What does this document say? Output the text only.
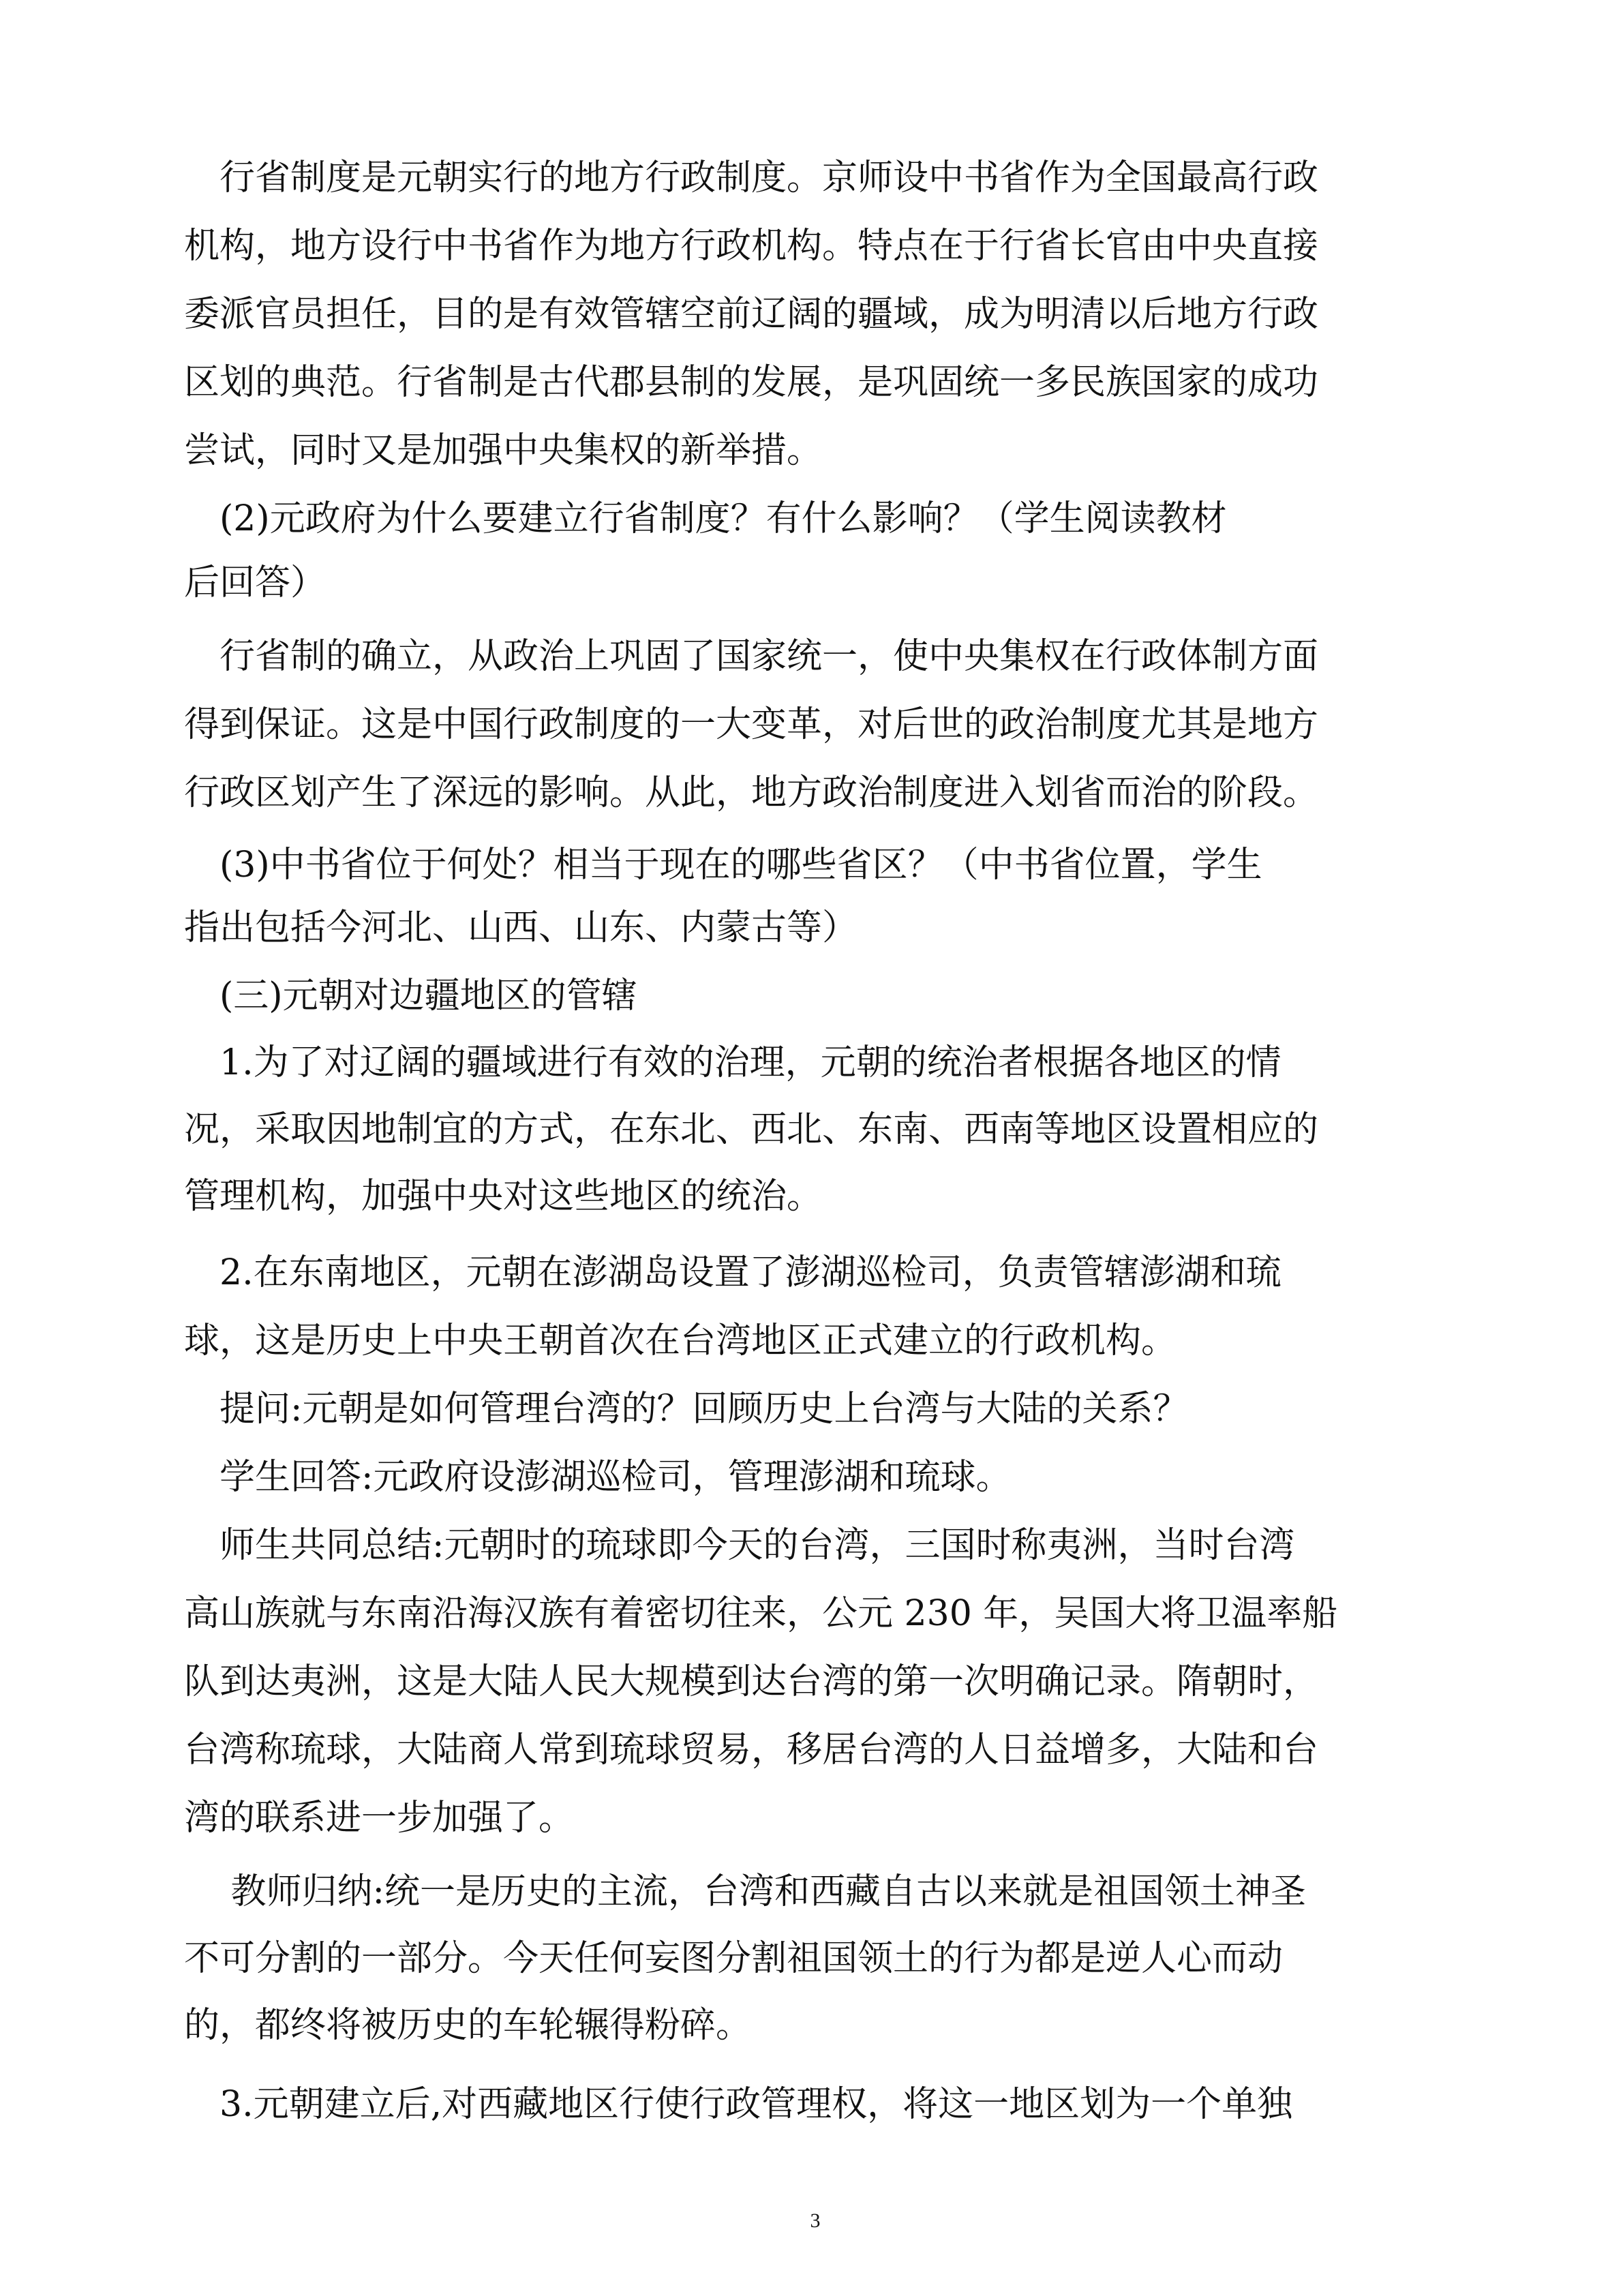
　行省制度是元朝实行的地方行政制度。京师设中书省作为全国最高行政
机构，地方设行中书省作为地方行政机构。特点在于行省长官由中央直接
委派官员担任，目的是有效管辖空前辽阔的疆域，成为明清以后地方行政
区划的典范。行省制是古代郡县制的发展，是巩固统一多民族国家的成功
尝试，同时又是加强中央集权的新举措。
　(2)元政府为什么要建立行省制度？有什么影响？（学生阅读教材
后回答）
　行省制的确立，从政治上巩固了国家统一，使中央集权在行政体制方面
得到保证。这是中国行政制度的一大变革，对后世的政治制度尤其是地方
行政区划产生了深远的影响。从此，地方政治制度进入划省而治的阶段。
　(3)中书省位于何处？相当于现在的哪些省区？（中书省位置，学生
指出包括今河北、山西、山东、内蒙古等）
　(三)元朝对边疆地区的管辖
　1.为了对辽阔的疆域进行有效的治理，元朝的统治者根据各地区的情
况，采取因地制宜的方式，在东北、西北、东南、西南等地区设置相应的
管理机构，加强中央对这些地区的统治。
　2.在东南地区，元朝在澎湖岛设置了澎湖巡检司，负责管辖澎湖和琉
球，这是历史上中央王朝首次在台湾地区正式建立的行政机构。
　提问:元朝是如何管理台湾的？回顾历史上台湾与大陆的关系？
　学生回答:元政府设澎湖巡检司，管理澎湖和琉球。
　师生共同总结:元朝时的琉球即今天的台湾，三国时称夷洲，当时台湾
高山族就与东南沿海汉族有着密切往来，公元 230 年，吴国大将卫温率船
队到达夷洲，这是大陆人民大规模到达台湾的第一次明确记录。隋朝时，
台湾称琉球，大陆商人常到琉球贸易，移居台湾的人日益增多，大陆和台
湾的联系进一步加强了。
　 教师归纳:统一是历史的主流，台湾和西藏自古以来就是祖国领土神圣
不可分割的一部分。今天任何妄图分割祖国领土的行为都是逆人心而动
的，都终将被历史的车轮辗得粉碎。
　3.元朝建立后,对西藏地区行使行政管理权，将这一地区划为一个单独
3
